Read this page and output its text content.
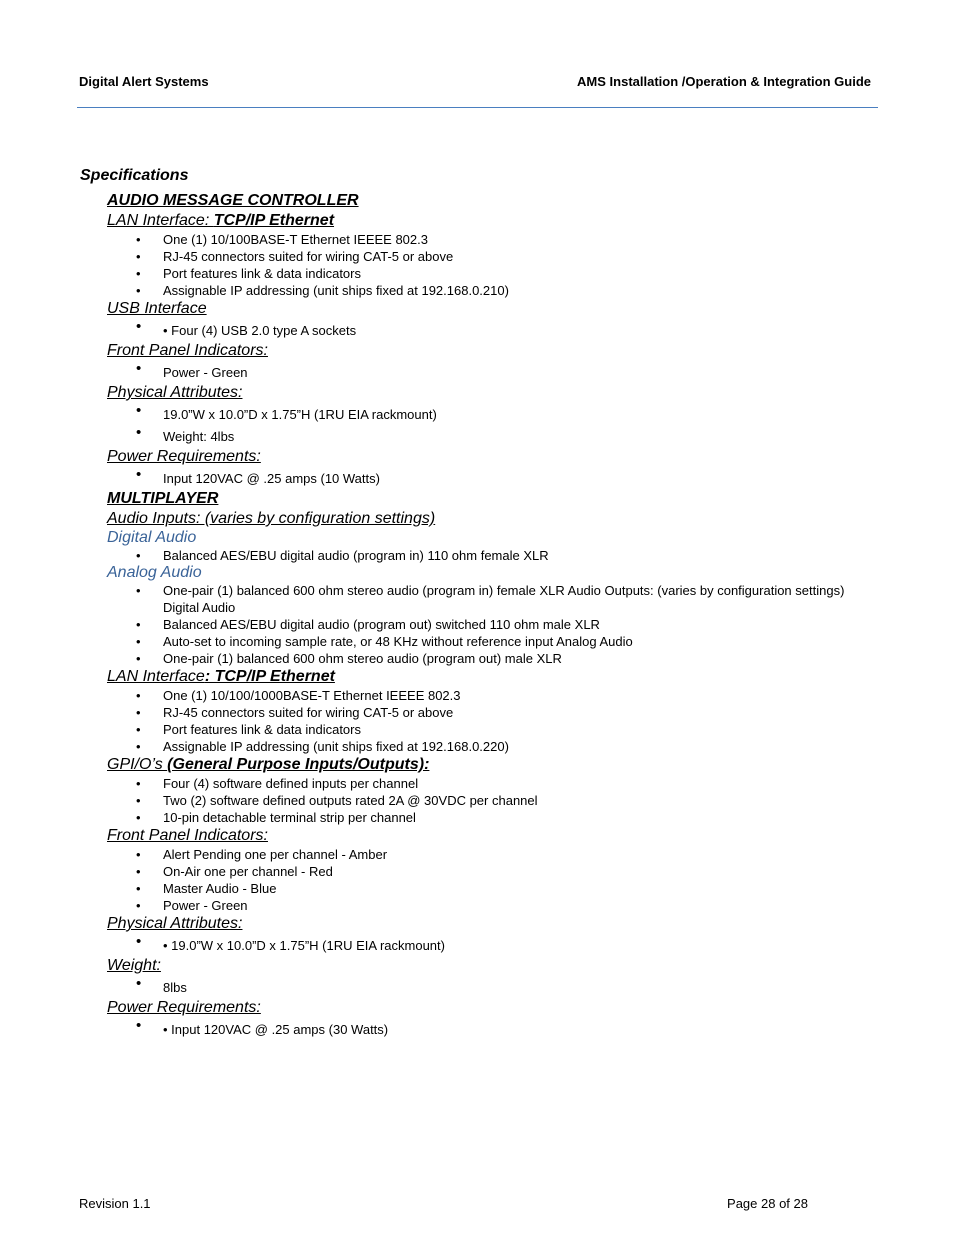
Digital Alert Systems	AMS Installation /Operation & Integration Guide
Specifications
AUDIO MESSAGE CONTROLLER
LAN Interface: TCP/IP Ethernet
• One (1) 10/100BASE-T Ethernet IEEEE 802.3
• RJ-45 connectors suited for wiring CAT-5 or above
• Port features link & data indicators
• Assignable IP addressing (unit ships fixed at 192.168.0.210)
USB Interface
• • Four (4) USB 2.0 type A sockets
Front Panel Indicators:
• Power - Green
Physical Attributes:
• 19.0”W x 10.0”D x 1.75”H (1RU EIA rackmount)
• Weight: 4lbs
Power Requirements:
• Input 120VAC @ .25 amps (10 Watts)
MULTIPLAYER
Audio Inputs: (varies by configuration settings)
Digital Audio
• Balanced AES/EBU digital audio (program in) 110 ohm female XLR
Analog Audio
• One-pair (1) balanced 600 ohm stereo audio (program in) female XLR Audio Outputs: (varies by configuration settings) Digital Audio
• Balanced AES/EBU digital audio (program out) switched 110 ohm male XLR
• Auto-set to incoming sample rate, or 48 KHz without reference input Analog Audio
• One-pair (1) balanced 600 ohm stereo audio (program out) male XLR
LAN Interface: TCP/IP Ethernet
• One (1) 10/100/1000BASE-T Ethernet IEEEE 802.3
• RJ-45 connectors suited for wiring CAT-5 or above
• Port features link & data indicators
• Assignable IP addressing (unit ships fixed at 192.168.0.220)
GPI/O’s (General Purpose Inputs/Outputs):
• Four (4) software defined inputs per channel
• Two (2) software defined outputs rated 2A @ 30VDC per channel
• 10-pin detachable terminal strip per channel
Front Panel Indicators:
• Alert Pending one per channel - Amber
• On-Air one per channel - Red
• Master Audio - Blue
• Power - Green
Physical Attributes:
• • 19.0”W x 10.0”D x 1.75”H (1RU EIA rackmount)
Weight:
• 8lbs
Power Requirements:
• • Input 120VAC @ .25 amps (30 Watts)
Revision 1.1	Page 28 of 28
